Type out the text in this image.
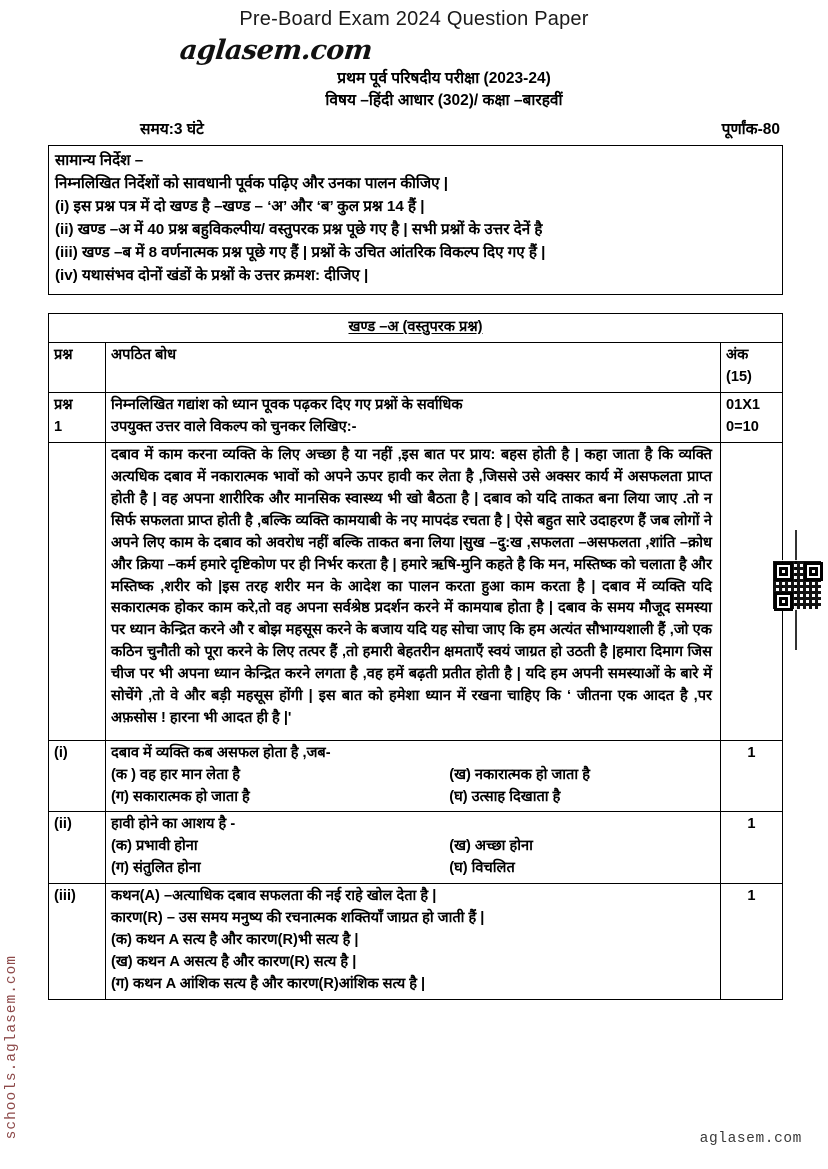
Pre-Board Exam 2024 Question Paper
aglasem.com
प्रथम पूर्व परिषदीय परीक्षा (2023-24)
विषय –हिंदी आधार (302)/ कक्षा –बारहवीं
समय:3 घंटे	पूर्णांक-80
सामान्य निर्देश –
निम्नलिखित निर्देशों को सावधानी पूर्वक पढ़िए और उनका पालन कीजिए |
(i) इस प्रश्न पत्र में दो खण्ड है –खण्ड – ‘अ’ और ‘ब’ कुल प्रश्न 14 हैं |
(ii) खण्ड –अ में 40 प्रश्न बहुविकल्पीय/ वस्तुपरक प्रश्न पूछे गए है | सभी प्रश्नों के उत्तर देनें है
(iii) खण्ड –ब में 8 वर्णनात्मक प्रश्न पूछे गए हैं | प्रश्नों के उचित आंतरिक विकल्प दिए गए हैं |
(iv) यथासंभव दोनों खंडों के प्रश्नों के उत्तर क्रमश: दीजिए |
खण्ड –अ (वस्तुपरक प्रश्न)		
प्रश्न	अपठित बोध	अंक
(15)

प्रश्न
1	निम्नलिखित गद्यांश को ध्यान पूवक पढ़कर दिए गए प्रश्नों के सर्वाधिक
उपयुक्त उत्तर वाले विकल्प को चुनकर लिखिए:-	01X1
0=10

	दबाव में काम करना व्यक्ति के लिए अच्छा है या नहीं ,इस बात पर प्राय: बहस होती है | कहा जाता है कि व्यक्ति अत्यधिक दबाव में नकारात्मक भावों को अपने ऊपर हावी कर लेता है ,जिससे उसे अक्सर कार्य में असफलता प्राप्त होती है | वह अपना शारीरिक और मानसिक स्वास्थ्य भी खो बैठता है | दबाव को यदि ताकत बना लिया जाए .तो न सिर्फ सफलता प्राप्त होती है ,बल्कि व्यक्ति कामयाबी के नए मापदंड रचता है | ऐसे बहुत सारे उदाहरण हैं जब लोगों ने अपने लिए काम के दबाव को अवरोध नहीं बल्कि ताकत बना लिया |सुख –दु:ख ,सफलता –असफलता ,शांति –क्रोध और क्रिया –कर्म हमारे दृष्टिकोण पर ही निर्भर करता है | हमारे ऋषि-मुनि कहते है कि मन, मस्तिष्क को चलाता है और मस्तिष्क ,शरीर को |इस तरह शरीर मन के आदेश का पालन करता हुआ काम करता है | दबाव में व्यक्ति यदि सकारात्मक होकर काम करे,तो वह अपना सर्वश्रेष्ठ प्रदर्शन करने में कामयाब होता है | दबाव के समय मौजूद समस्या पर ध्यान केन्द्रित करने औ र बोझ महसूस करने के बजाय यदि यह सोचा जाए कि हम अत्यंत सौभाग्यशाली हैं ,जो एक कठिन चुनौती को पूरा करने के लिए तत्पर हैं ,तो हमारी बेहतरीन क्षमताएँ स्वयं जाग्रत हो उठती है |हमारा दिमाग जिस चीज पर भी अपना ध्यान केन्द्रित करने लगता है ,वह हमें बढ़ती प्रतीत होती है | यदि हम अपनी समस्याओं के बारे में सोचेंगे ,तो वे और बड़ी महसूस होंगी | इस बात को हमेशा ध्यान में रखना चाहिए कि ‘ जीतना एक आदत है ,पर अफ़सोस ! हारना भी आदत ही है |'	

(i)	दबाव में व्यक्ति कब असफल होता है ,जब-
(क ) वह हार मान लेता है (ख) नकारात्मक हो जाता है
(ग) सकारात्मक हो जाता है (घ) उत्साह दिखाता है	1
(ii)	हावी होने का आशय है -
(क) प्रभावी होना (ख) अच्छा होना
(ग) संतुलित होना (घ) विचलित	1
(iii)	कथन(A) –अत्याधिक दबाव सफलता की नई राहे खोल देता है |
कारण(R) – उस समय मनुष्य की रचनात्मक शक्तियाँ जाग्रत हो जाती हैं |
(क) कथन A सत्य है और कारण(R)भी सत्य है |
(ख) कथन A असत्य है और कारण(R) सत्य है |
(ग) कथन A आंशिक सत्य है और कारण(R)आंशिक सत्य है |	1
schools.aglasem.com	aglasem.com
